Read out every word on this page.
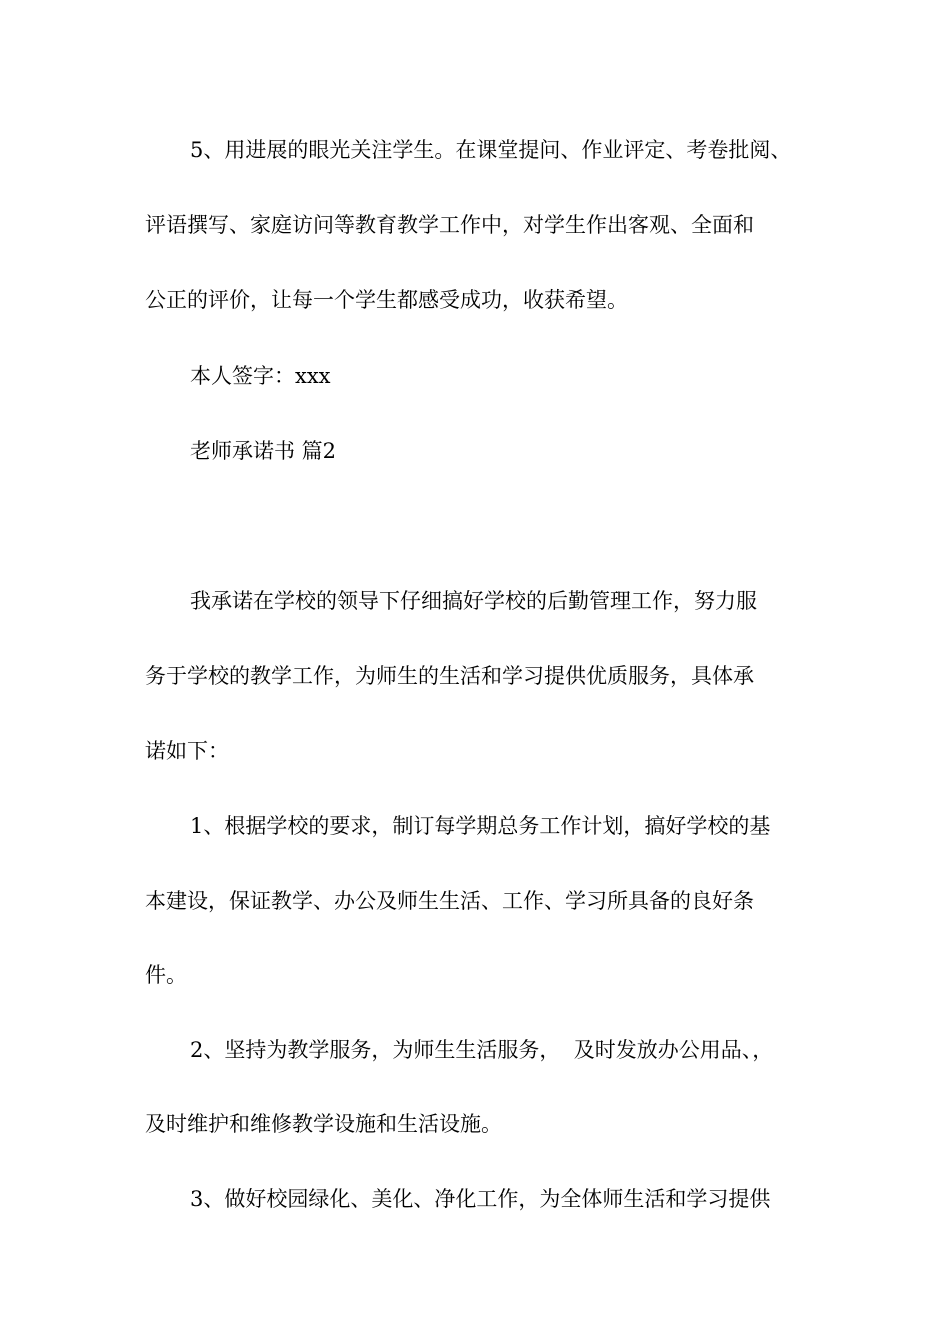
5、用进展的眼光关注学生。在课堂提问、作业评定、考卷批阅、
评语撰写、家庭访问等教育教学工作中，对学生作出客观、全面和
公正的评价，让每一个学生都感受成功，收获希望。
本人签字：xxx
老师承诺书 篇2
我承诺在学校的领导下仔细搞好学校的后勤管理工作，努力服
务于学校的教学工作，为师生的生活和学习提供优质服务，具体承
诺如下：
1、根据学校的要求，制订每学期总务工作计划，搞好学校的基
本建设，保证教学、办公及师生生活、工作、学习所具备的良好条
件。
2、坚持为教学服务，为师生生活服务，  及时发放办公用品、，
及时维护和维修教学设施和生活设施。
3、做好校园绿化、美化、净化工作，为全体师生活和学习提供
